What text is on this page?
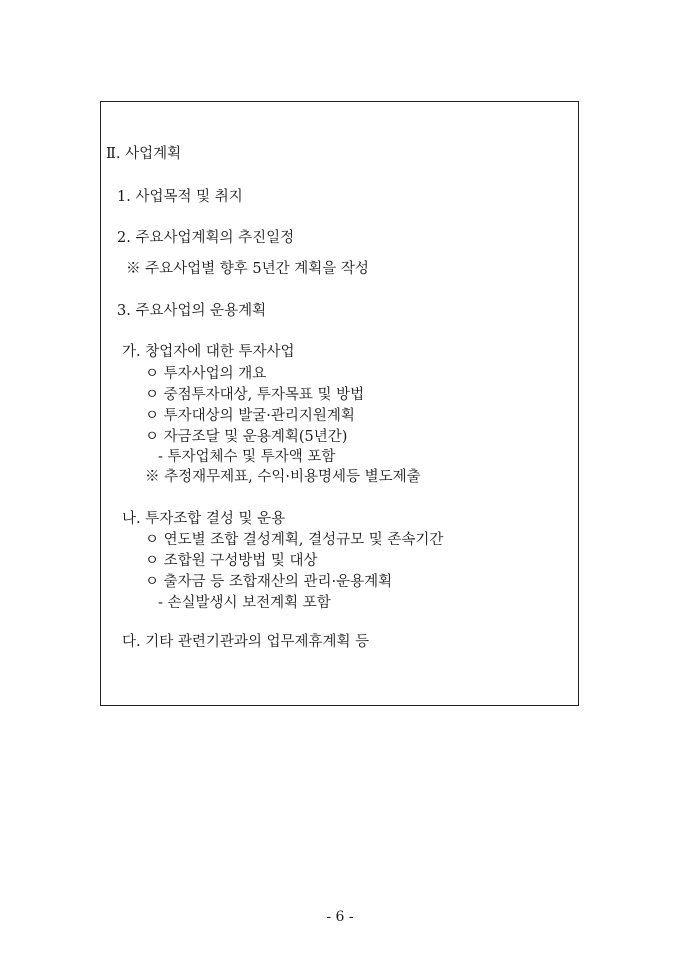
Ⅱ. 사업계획
1. 사업목적 및 취지
2. 주요사업계획의 추진일정
※ 주요사업별 향후 5년간 계획을 작성
3. 주요사업의 운용계획
가. 창업자에 대한 투자사업
ㅇ 투자사업의 개요
ㅇ 중점투자대상, 투자목표 및 방법
ㅇ 투자대상의 발굴·관리지원계획
ㅇ 자금조달 및 운용계획(5년간)
- 투자업체수 및 투자액 포함
※ 추정재무제표, 수익·비용명세등 별도제출
나. 투자조합 결성 및 운용
ㅇ 연도별 조합 결성계획, 결성규모 및 존속기간
ㅇ 조합원 구성방법 및 대상
ㅇ 출자금 등 조합재산의 관리·운용계획
- 손실발생시 보전계획 포함
다. 기타 관련기관과의 업무제휴계획 등
- 6 -
